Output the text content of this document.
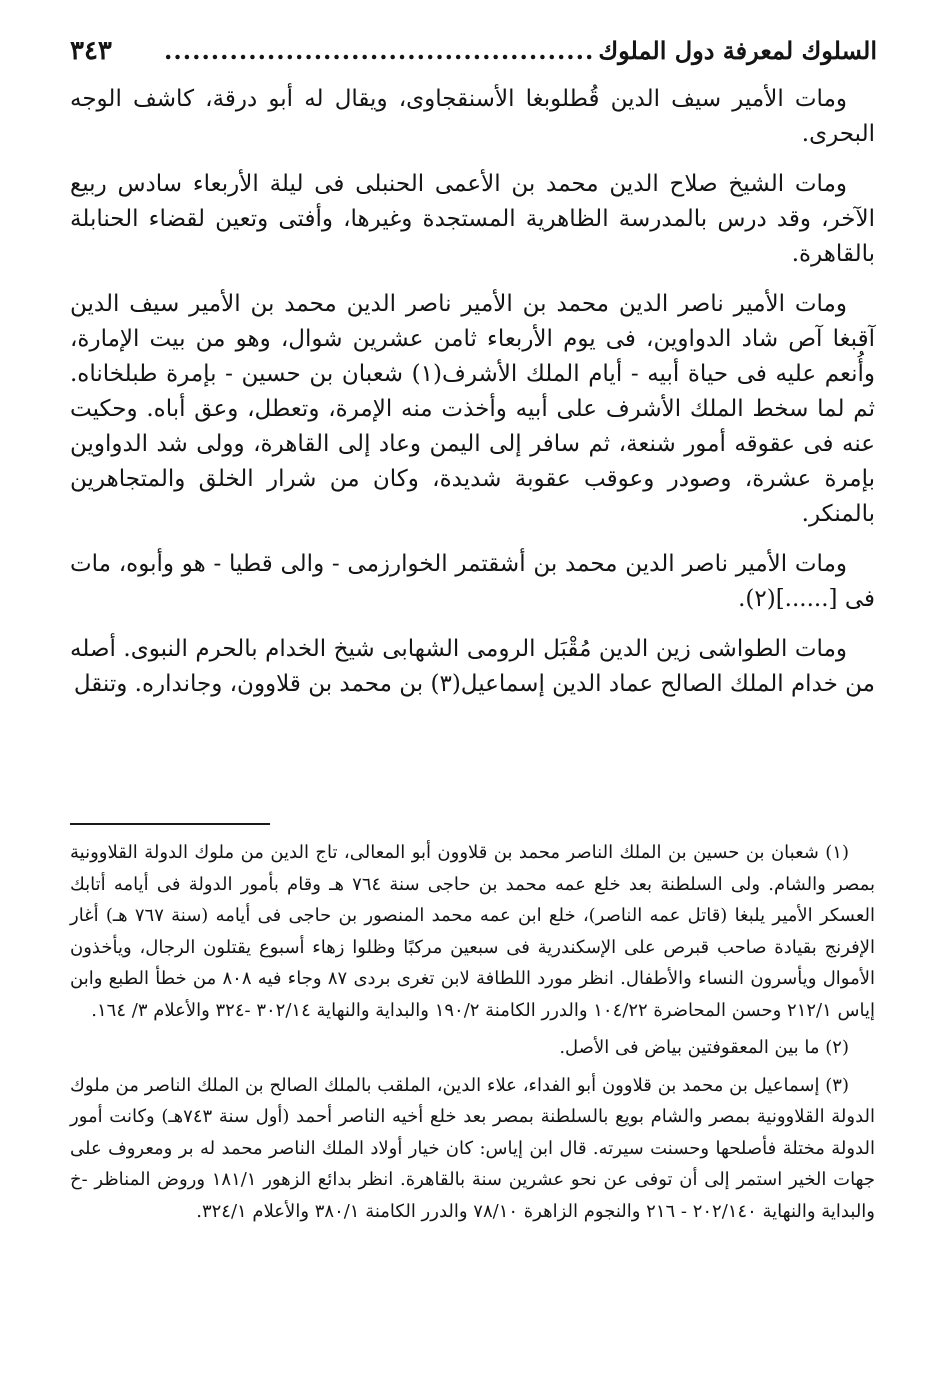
السلوك لمعرفة دول الملوك
..............................................
٣٤٣

ومات الأمير سيف الدين قُطلوبغا الأسنقجاوى، ويقال له أبو درقة، كاشف الوجه البحرى.

ومات الشيخ صلاح الدين محمد بن الأعمى الحنبلى فى ليلة الأربعاء سادس ربيع الآخر، وقد درس بالمدرسة الظاهرية المستجدة وغيرها، وأفتى وتعين لقضاء الحنابلة بالقاهرة.

ومات الأمير ناصر الدين محمد بن الأمير ناصر الدين محمد بن الأمير سيف الدين آقبغا آص شاد الدواوين، فى يوم الأربعاء ثامن عشرين شوال، وهو من بيت الإمارة، وأُنعم عليه فى حياة أبيه - أيام الملك الأشرف(١) شعبان بن حسين - بإمرة طبلخاناه. ثم لما سخط الملك الأشرف على أبيه وأخذت منه الإمرة، وتعطل، وعق أباه. وحكيت عنه فى عقوقه أمور شنعة، ثم سافر إلى اليمن وعاد إلى القاهرة، وولى شد الدواوين بإمرة عشرة، وصودر وعوقب عقوبة شديدة، وكان من شرار الخلق والمتجاهرين بالمنكر.

ومات الأمير ناصر الدين محمد بن أشقتمر الخوارزمى - والى قطيا - هو وأبوه، مات فى [......](٢).

ومات الطواشى زين الدين مُقْبَل الرومى الشهابى شيخ الخدام بالحرم النبوى. أصله من خدام الملك الصالح عماد الدين إسماعيل(٣) بن محمد بن قلاوون، وجانداره. وتنقل

(١) شعبان بن حسين بن الملك الناصر محمد بن قلاوون أبو المعالى، تاج الدين من ملوك الدولة القلاوونية بمصر والشام. ولى السلطنة بعد خلع عمه محمد بن حاجى سنة ٧٦٤ هـ وقام بأمور الدولة فى أيامه أتابك العسكر الأمير يلبغا (قاتل عمه الناصر)، خلع ابن عمه محمد المنصور بن حاجى فى أيامه (سنة ٧٦٧ هـ) أغار الإفرنج بقيادة صاحب قبرص على الإسكندرية فى سبعين مركبًا وظلوا زهاء أسبوع يقتلون الرجال، ويأخذون الأموال ويأسرون النساء والأطفال. انظر مورد اللطافة لابن تغرى بردى ٨٧ وجاء فيه ٨٠٨ من خطأ الطبع وابن إياس ٢١٢/١ وحسن المحاضرة ١٠٤/٢٢ والدرر الكامنة ١٩٠/٢ والبداية والنهاية ٣٠٢/١٤ -٣٢٤ والأعلام ٣/ ١٦٤.

(٢) ما بين المعقوفتين بياض فى الأصل.

(٣) إسماعيل بن محمد بن قلاوون أبو الفداء، علاء الدين، الملقب بالملك الصالح بن الملك الناصر من ملوك الدولة القلاوونية بمصر والشام بويع بالسلطنة بمصر بعد خلع أخيه الناصر أحمد (أول سنة ٧٤٣هـ) وكانت أمور الدولة مختلة فأصلحها وحسنت سيرته. قال ابن إياس: كان خيار أولاد الملك الناصر محمد له بر ومعروف على جهات الخير استمر إلى أن توفى عن نحو عشرين سنة بالقاهرة. انظر بدائع الزهور ١٨١/١ وروض المناظر -خ والبداية والنهاية ٢٠٢/١٤٠ - ٢١٦ والنجوم الزاهرة ٧٨/١٠ والدرر الكامنة ٣٨٠/١ والأعلام ٣٢٤/١.
